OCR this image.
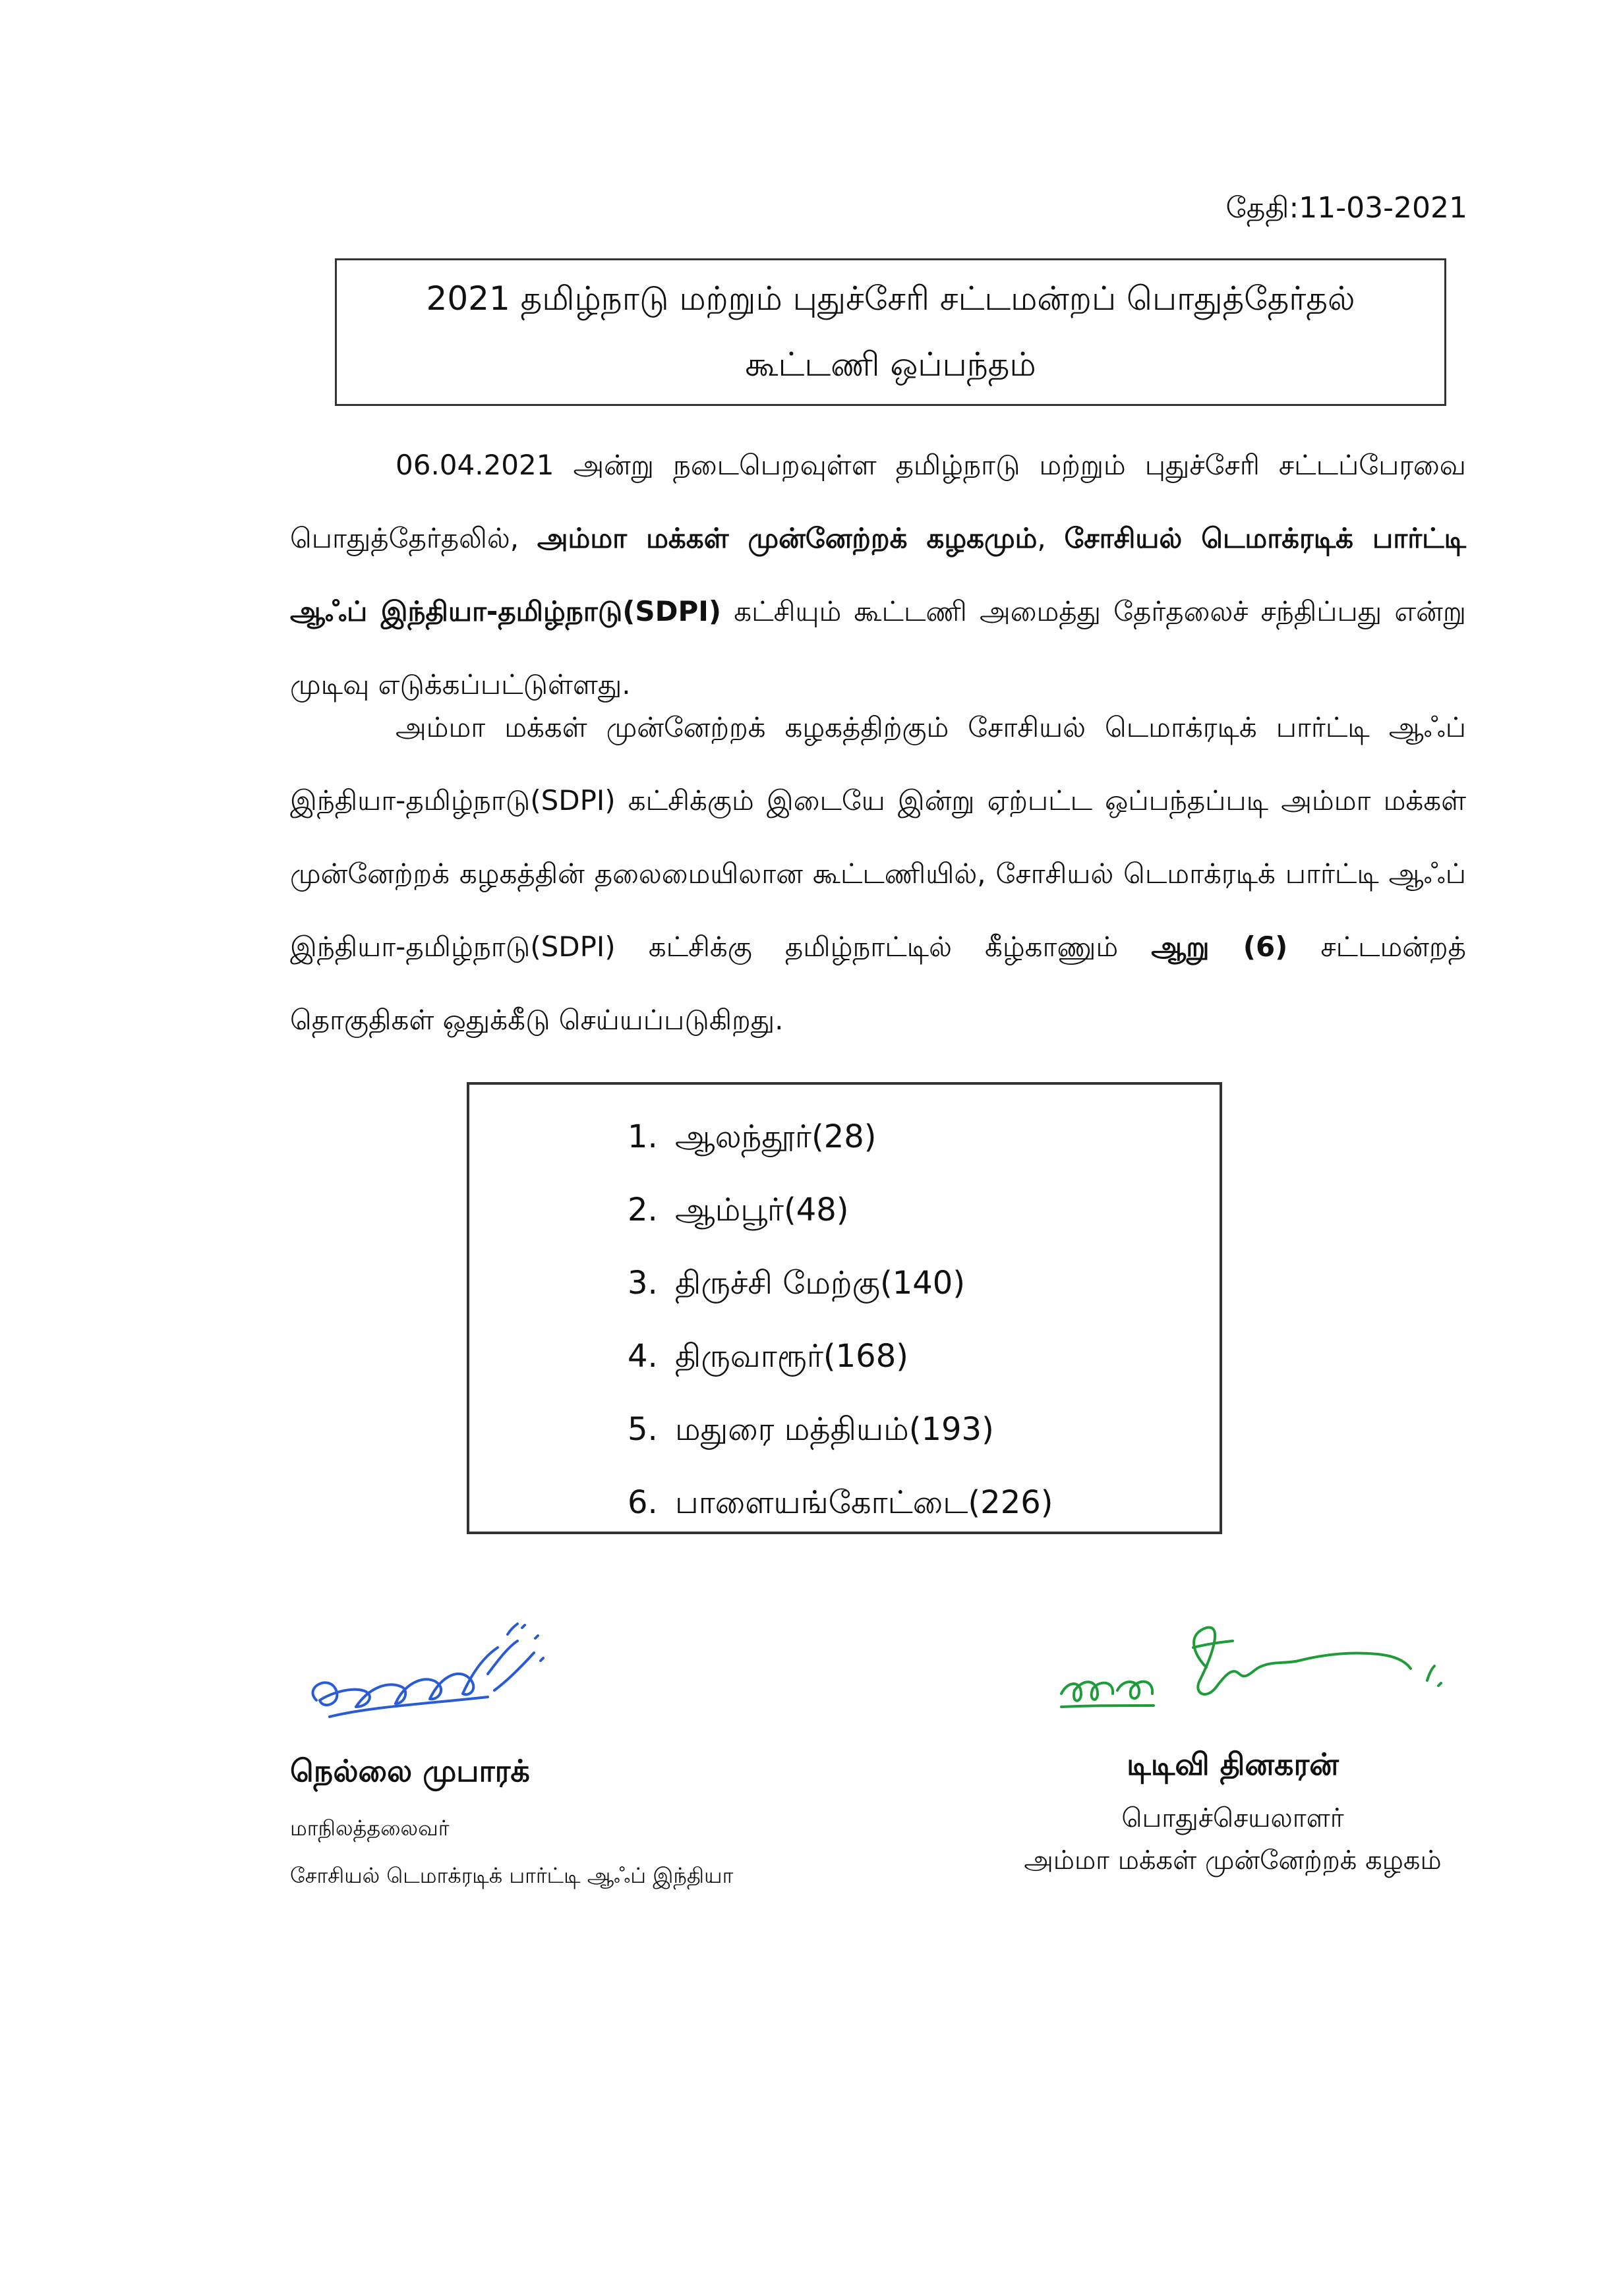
தேதி:11-03-2021
2021 தமிழ்நாடு மற்றும் புதுச்சேரி சட்டமன்றப் பொதுத்தேர்தல்
கூட்டணி ஒப்பந்தம்

06.04.2021 அன்று நடைபெறவுள்ள தமிழ்நாடு மற்றும் புதுச்சேரி சட்டப்பேரவை பொதுத்தேர்தலில், அம்மா மக்கள் முன்னேற்றக் கழகமும், சோசியல் டெமாக்ரடிக் பார்ட்டி ஆஃப் இந்தியா-தமிழ்நாடு(SDPI) கட்சியும் கூட்டணி அமைத்து தேர்தலைச் சந்திப்பது என்று முடிவு எடுக்கப்பட்டுள்ளது.

அம்மா மக்கள் முன்னேற்றக் கழகத்திற்கும் சோசியல் டெமாக்ரடிக் பார்ட்டி ஆஃப் இந்தியா-தமிழ்நாடு(SDPI) கட்சிக்கும் இடையே இன்று ஏற்பட்ட ஒப்பந்தப்படி அம்மா மக்கள் முன்னேற்றக் கழகத்தின் தலைமையிலான கூட்டணியில், சோசியல் டெமாக்ரடிக் பார்ட்டி ஆஃப் இந்தியா-தமிழ்நாடு(SDPI) கட்சிக்கு தமிழ்நாட்டில் கீழ்காணும் ஆறு (6) சட்டமன்றத் தொகுதிகள் ஒதுக்கீடு செய்யப்படுகிறது.

1. ஆலந்தூர்(28)
2. ஆம்பூர்(48)
3. திருச்சி மேற்கு(140)
4. திருவாரூர்(168)
5. மதுரை மத்தியம்(193)
6. பாளையங்கோட்டை(226)
நெல்லை முபாரக்
மாநிலத்தலைவர்
சோசியல் டெமாக்ரடிக் பார்ட்டி ஆஃப் இந்தியா
டிடிவி தினகரன்
பொதுச்செயலாளர்
அம்மா மக்கள் முன்னேற்றக் கழகம்
